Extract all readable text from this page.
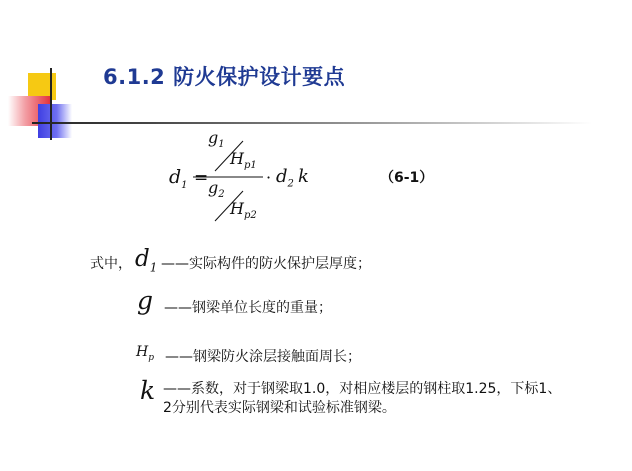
6.1.2 防火保护设计要点
$d_1$ =
$g_1$
$H_{p1}$
$g_2$
$H_{p2}$
· $d_2$ k	（6-1）
式中， $d_1$ ——实际构件的防火保护层厚度；
g ——钢梁单位长度的重量；
$H_p$ ——钢梁防火涂层接触面周长；
k ——系数，对于钢梁取1.0，对相应楼层的钢柱取1.25，下标1、2分别代表实际钢梁和试验标准钢梁。
